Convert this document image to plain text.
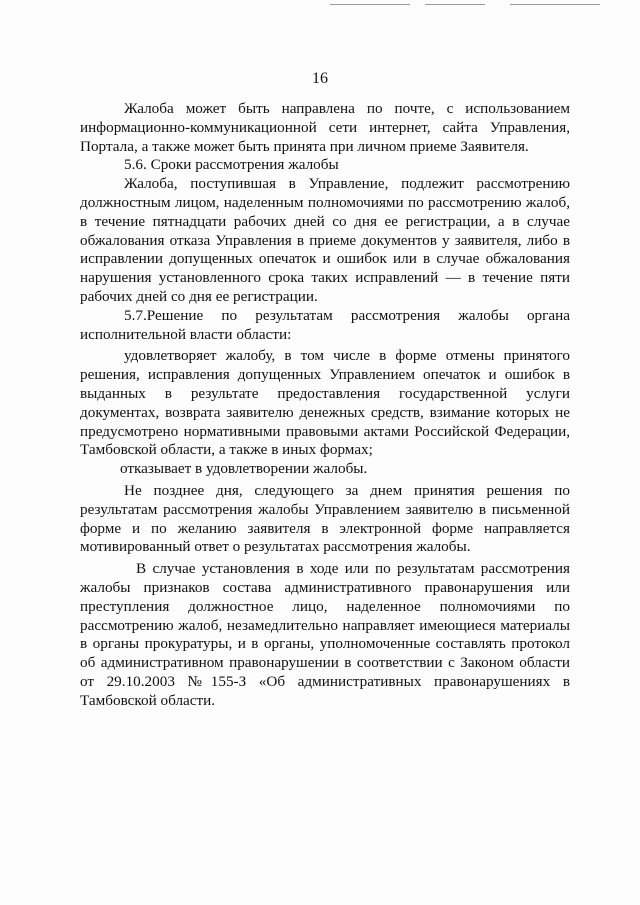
16

Жалоба может быть направлена по почте, с использованием информационно-коммуникационной сети интернет, сайта Управления, Портала, а также может быть принята при личном приеме Заявителя.

5.6. Сроки рассмотрения жалобы

Жалоба, поступившая в Управление, подлежит рассмотрению должностным лицом, наделенным полномочиями по рассмотрению жалоб, в течение пятнадцати рабочих дней со дня ее регистрации, а в случае обжалования отказа Управления в приеме документов у заявителя, либо в исправлении допущенных опечаток и ошибок или в случае обжалования нарушения установленного срока таких исправлений — в течение пяти рабочих дней со дня ее регистрации.

5.7.Решение по результатам рассмотрения жалобы органа исполнительной власти области:

удовлетворяет жалобу, в том числе в форме отмены принятого решения, исправления допущенных Управлением опечаток и ошибок в выданных в результате предоставления государственной услуги документах, возврата заявителю денежных средств, взимание которых не предусмотрено нормативными правовыми актами Российской Федерации, Тамбовской области, а также в иных формах;

отказывает в удовлетворении жалобы.

Не позднее дня, следующего за днем принятия решения по результатам рассмотрения жалобы Управлением заявителю в письменной форме и по желанию заявителя в электронной форме направляется мотивированный ответ о результатах рассмотрения жалобы.

В случае установления в ходе или по результатам рассмотрения жалобы признаков состава административного правонарушения или преступления должностное лицо, наделенное полномочиями по рассмотрению жалоб, незамедлительно направляет имеющиеся материалы в органы прокуратуры, и в органы, уполномоченные составлять протокол об административном правонарушении в соответствии с Законом области от 29.10.2003 №155-З «Об административных правонарушениях в Тамбовской области.
